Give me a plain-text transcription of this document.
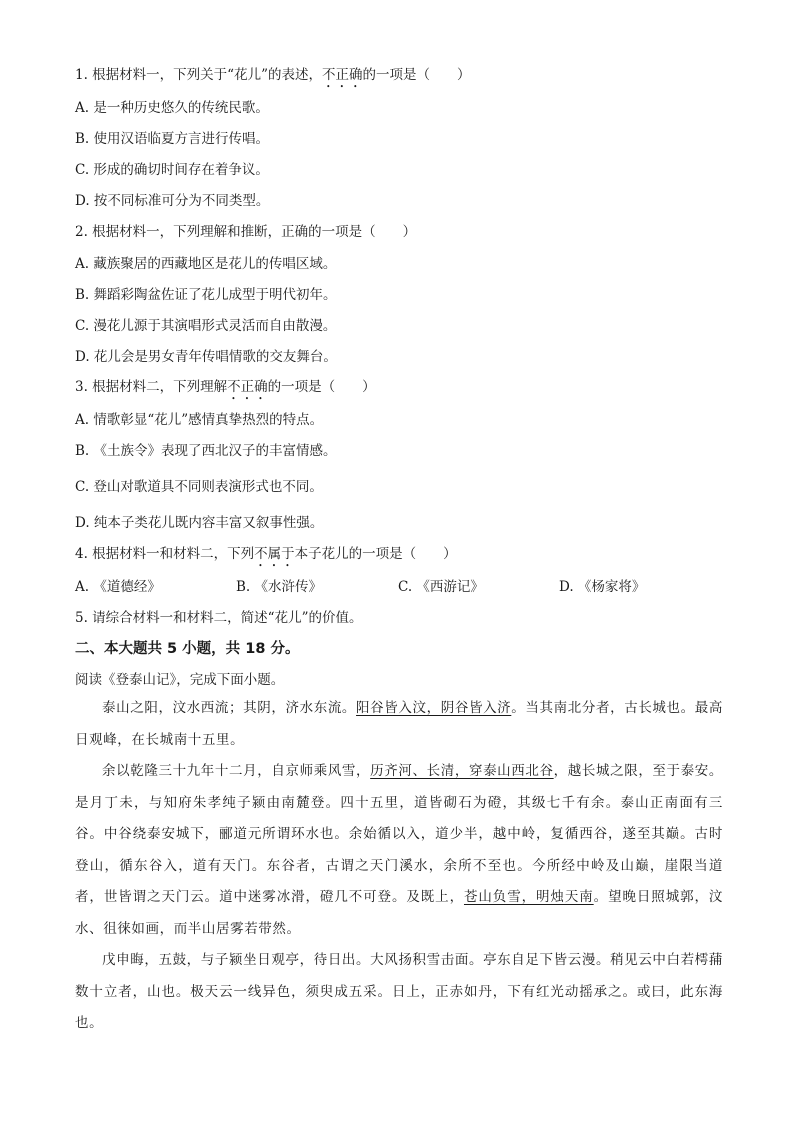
1. 根据材料一，下列关于“花儿”的表述，不正确的一项是（　　）
A. 是一种历史悠久的传统民歌。
B. 使用汉语临夏方言进行传唱。
C. 形成的确切时间存在着争议。
D. 按不同标准可分为不同类型。
2. 根据材料一，下列理解和推断，正确的一项是（　　）
A. 藏族聚居的西藏地区是花儿的传唱区域。
B. 舞蹈彩陶盆佐证了花儿成型于明代初年。
C. 漫花儿源于其演唱形式灵活而自由散漫。
D. 花儿会是男女青年传唱情歌的交友舞台。
3. 根据材料二，下列理解不正确的一项是（　　）
A. 情歌彰显“花儿”感情真挚热烈的特点。
B. 《土族令》表现了西北汉子的丰富情感。
C. 登山对歌道具不同则表演形式也不同。
D. 纯本子类花儿既内容丰富又叙事性强。
4. 根据材料一和材料二，下列不属于本子花儿的一项是（　　）
A. 《道德经》	B. 《水浒传》	C. 《西游记》	D. 《杨家将》
5. 请综合材料一和材料二，简述“花儿”的价值。
二、本大题共 5 小题，共 18 分。
阅读《登泰山记》，完成下面小题。
泰山之阳，汶水西流；其阴，济水东流。阳谷皆入汶，阴谷皆入济。当其南北分者，古长城也。最高日观峰，在长城南十五里。
余以乾隆三十九年十二月，自京师乘风雪，历齐河、长清，穿泰山西北谷，越长城之限，至于泰安。是月丁未，与知府朱孝纯子颍由南麓登。四十五里，道皆砌石为磴，其级七千有余。泰山正南面有三谷。中谷绕泰安城下，郦道元所谓环水也。余始循以入，道少半，越中岭，复循西谷，遂至其巅。古时登山，循东谷入，道有天门。东谷者，古谓之天门溪水，余所不至也。今所经中岭及山巅，崖限当道者，世皆谓之天门云。道中迷雾冰滑，磴几不可登。及既上，苍山负雪，明烛天南。望晚日照城郭，汶水、徂徕如画，而半山居雾若带然。
戊申晦，五鼓，与子颍坐日观亭，待日出。大风扬积雪击面。亭东自足下皆云漫。稍见云中白若樗蒱数十立者，山也。极天云一线异色，须臾成五采。日上，正赤如丹，下有红光动摇承之。或曰，此东海也。
